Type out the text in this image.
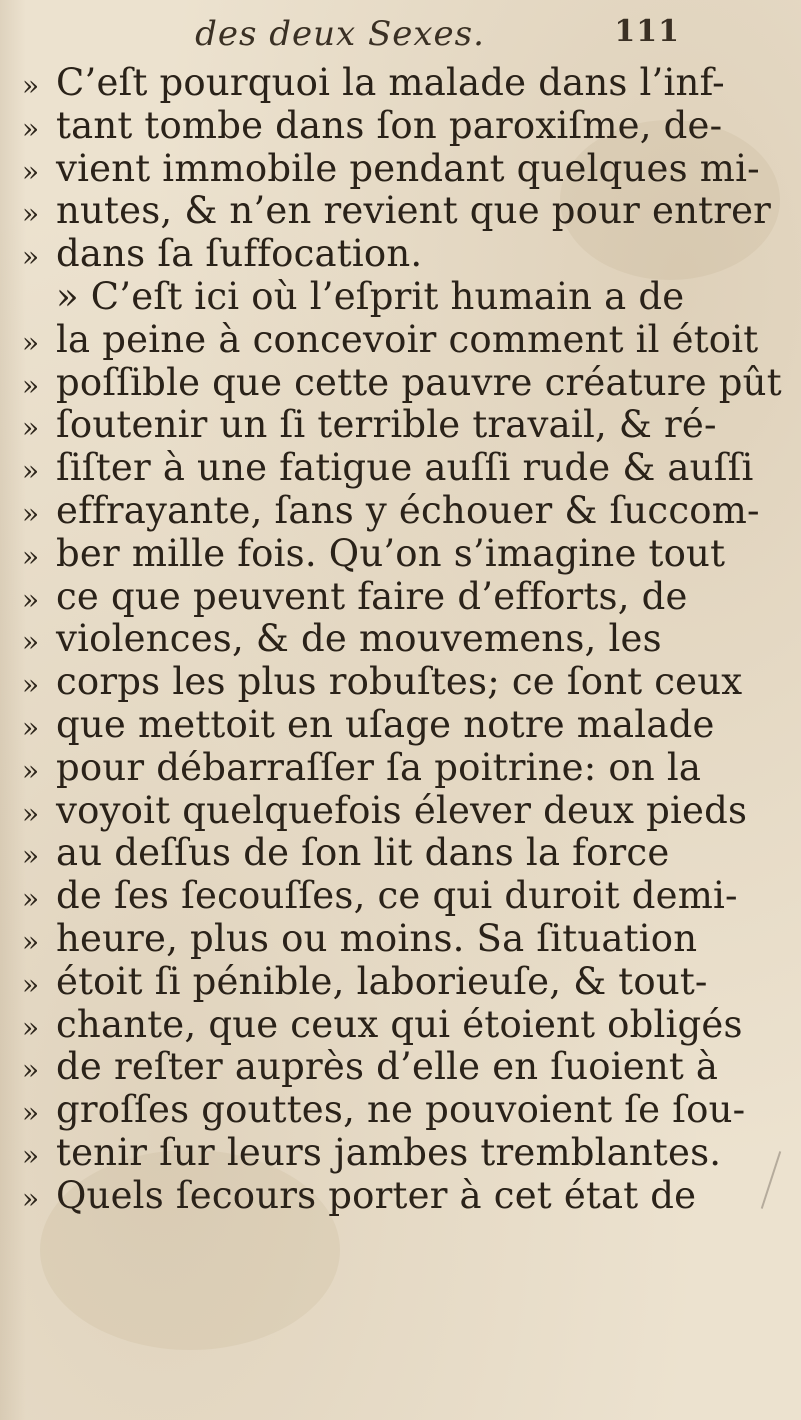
des deux Sexes.	111
» C’eſt pourquoi la malade dans l’inf-
» tant tombe dans ſon paroxiſme, de-
» vient immobile pendant quelques mi-
» nutes, & n’en revient que pour entrer
» dans ſa ſuffocation.
» C’eſt ici où l’eſprit humain a de
» la peine à concevoir comment il étoit
» poſſible que cette pauvre créature pût
» ſoutenir un ſi terrible travail, & ré-
» ſiſter à une fatigue auſſi rude & auſſi
» effrayante, ſans y échouer & ſuccom-
» ber mille fois. Qu’on s’imagine tout
» ce que peuvent faire d’efforts, de
» violences, & de mouvemens, les
» corps les plus robuſtes; ce ſont ceux
» que mettoit en uſage notre malade
» pour débarraſſer ſa poitrine: on la
» voyoit quelquefois élever deux pieds
» au deſſus de ſon lit dans la force
» de ſes ſecouſſes, ce qui duroit demi-
» heure, plus ou moins. Sa ſituation
» étoit ſi pénible, laborieuſe, & tout-
» chante, que ceux qui étoient obligés
» de reſter auprès d’elle en ſuoient à
» groſſes gouttes, ne pouvoient ſe ſou-
» tenir ſur leurs jambes tremblantes.
» Quels ſecours porter à cet état de
